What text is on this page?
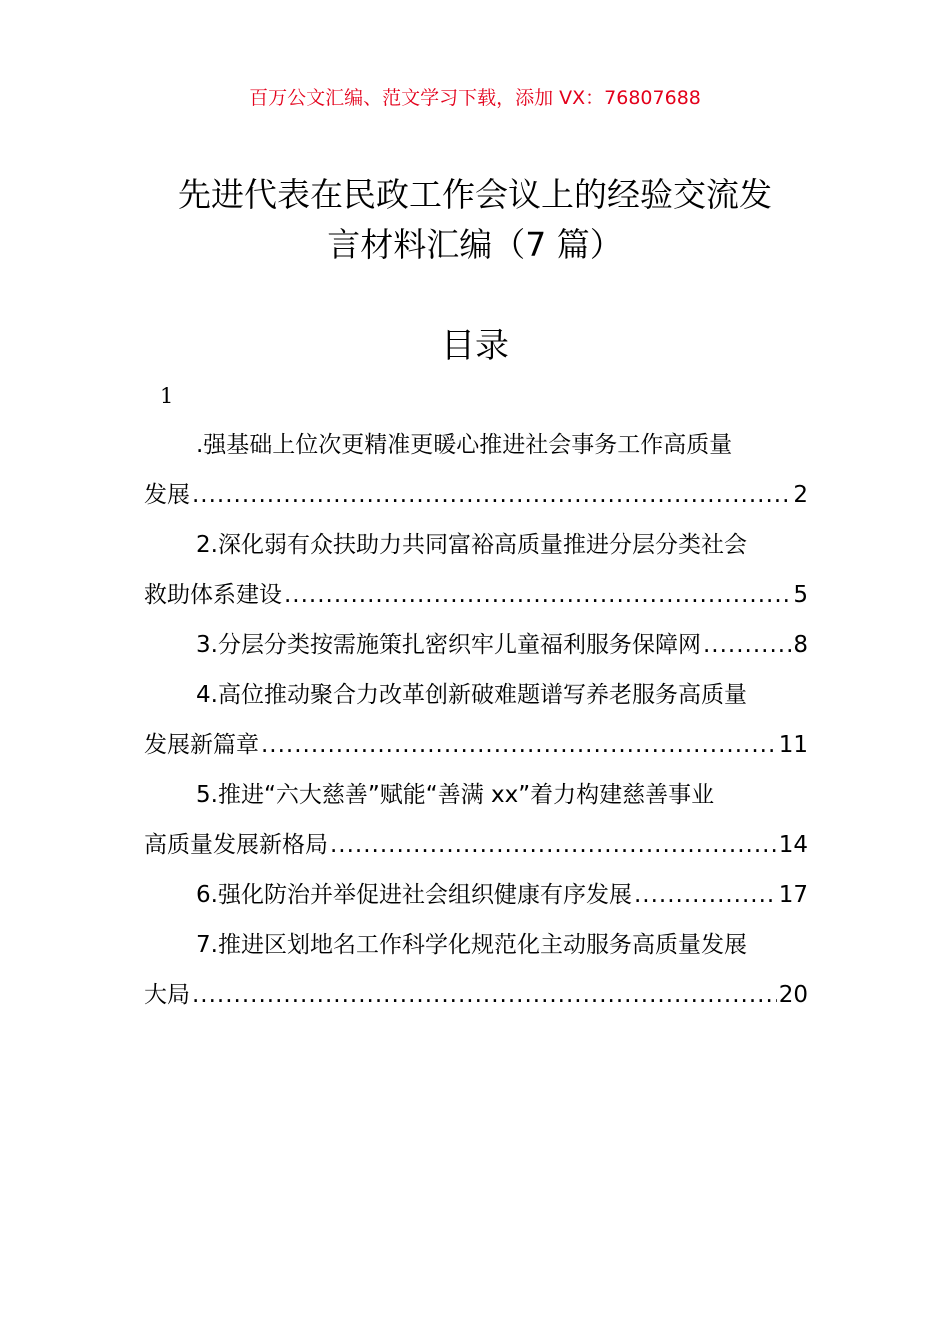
百万公文汇编、范文学习下载，添加 VX：76807688
先进代表在民政工作会议上的经验交流发
言材料汇编（7 篇）
目录
1
.强基础上位次更精准更暖心推进社会事务工作高质量
发展 .....	2
2.深化弱有众扶助力共同富裕高质量推进分层分类社会
救助体系建设 .....	5
3.分层分类按需施策扎密织牢儿童福利服务保障网 .....	8
4.高位推动聚合力改革创新破难题谱写养老服务高质量
发展新篇章 .....	11
5.推进“六大慈善”赋能“善满 xx”着力构建慈善事业
高质量发展新格局 .....	14
6.强化防治并举促进社会组织健康有序发展 .....	17
7.推进区划地名工作科学化规范化主动服务高质量发展
大局 .....	20
